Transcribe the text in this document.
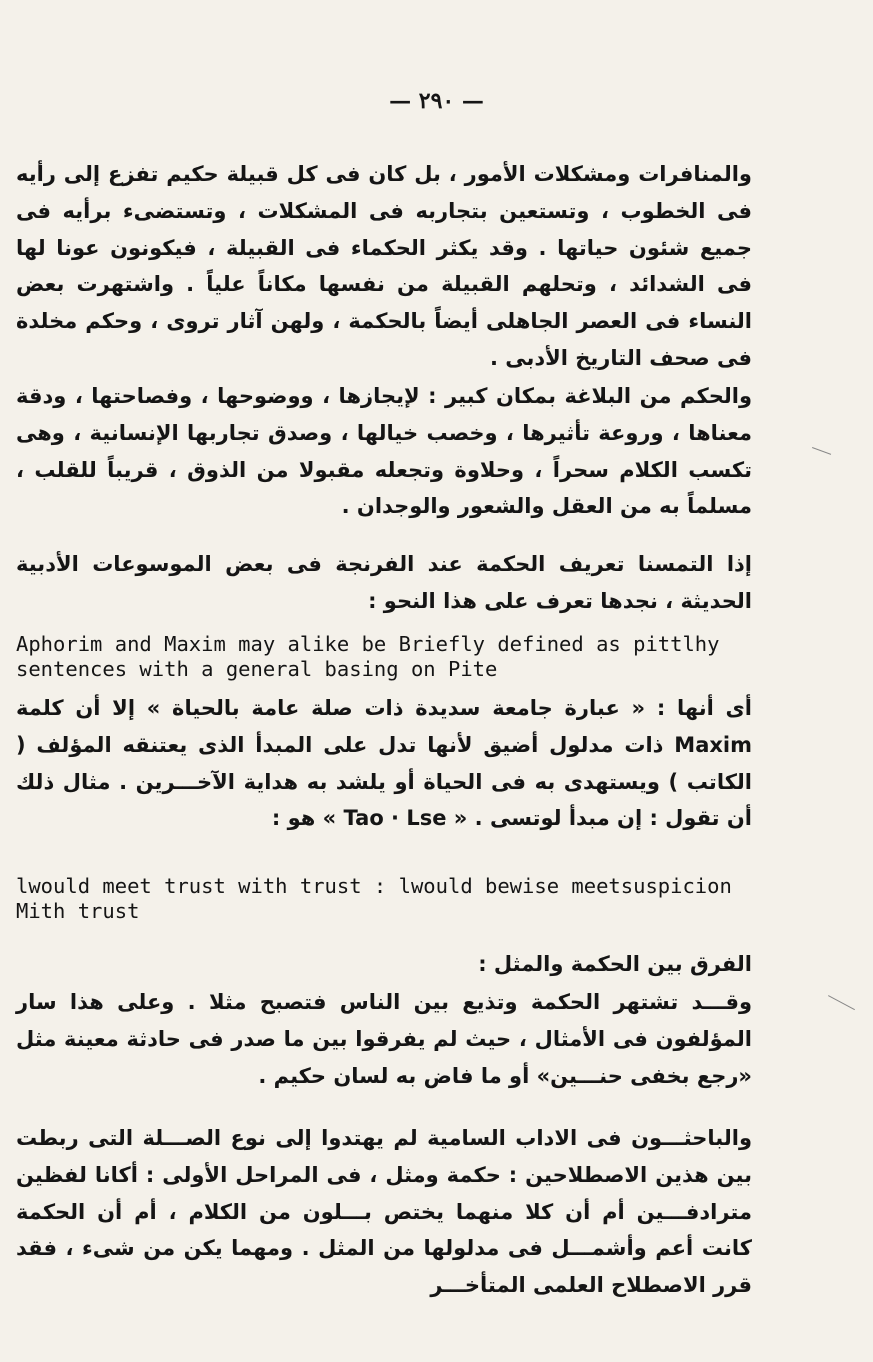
— ٢٩٠ —
والمنافرات ومشكلات الأمور ، بل كان فى كل قبيلة حكيم تفزع إلى رأيه فى الخطوب ، وتستعين بتجاربه فى المشكلات ، وتستضىء برأيه فى جميع شئون حياتها . وقد يكثر الحكماء فى القبيلة ، فيكونون عونا لها فى الشدائد ، وتحلهم القبيلة من نفسها مكاناً علياً . واشتهرت بعض النساء فى العصر الجاهلى أيضاً بالحكمة ، ولهن آثار تروى ، وحكم مخلدة فى صحف التاريخ الأدبى .
والحكم من البلاغة بمكان كبير : لإيجازها ، ووضوحها ، وفصاحتها ، ودقة معناها ، وروعة تأثيرها ، وخصب خيالها ، وصدق تجاربها الإنسانية ، وهى تكسب الكلام سحراً ، وحلاوة وتجعله مقبولا من الذوق ، قريباً للقلب ، مسلماً به من العقل والشعور والوجدان .
إذا التمسنا تعريف الحكمة عند الفرنجة فى بعض الموسوعات الأدبية الحديثة ، نجدها تعرف على هذا النحو :
Aphorim and Maxim may alike be Briefly defined as pittlhy sentences with a general basing on Pite
أى أنها : « عبارة جامعة سديدة ذات صلة عامة بالحياة » إلا أن كلمة Maxim ذات مدلول أضيق لأنها تدل على المبدأ الذى يعتنقه المؤلف ( الكاتب ) ويستهدى به فى الحياة أو يلشد به هداية الآخـــرين . مثال ذلك أن تقول : إن مبدأ لوتسى . « Tao · Lse » هو :
lwould meet trust with trust : lwould bewise meetsuspicion Mith trust
الفرق بين الحكمة والمثل :
وقـــد تشتهر الحكمة وتذيع بين الناس فتصبح مثلا . وعلى هذا سار المؤلفون فى الأمثال ، حيث لم يفرقوا بين ما صدر فى حادثة معينة مثل «رجع بخفى حنـــين» أو ما فاض به لسان حكيم .
والباحثـــون فى الاداب السامية لم يهتدوا إلى نوع الصـــلة التى ربطت بين هذين الاصطلاحين : حكمة ومثل ، فى المراحل الأولى : أكانا لفظين مترادفـــين أم أن كلا منهما يختص بـــلون من الكلام ، أم أن الحكمة كانت أعم وأشمـــل فى مدلولها من المثل . ومهما يكن من شىء ، فقد قرر الاصطلاح العلمى المتأخـــر
